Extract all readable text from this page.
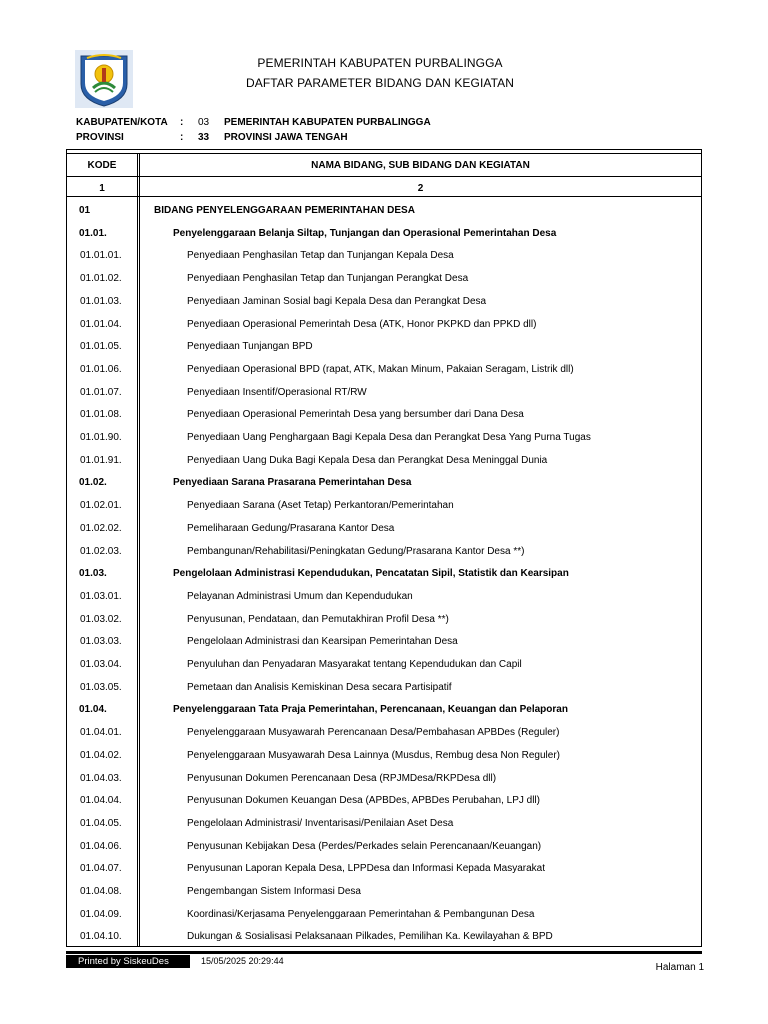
PEMERINTAH KABUPATEN PURBALINGGA
DAFTAR PARAMETER BIDANG DAN KEGIATAN
KABUPATEN/KOTA	:	03	PEMERINTAH KABUPATEN PURBALINGGA
PROVINSI	:	33	PROVINSI JAWA TENGAH
KODE	NAMA BIDANG, SUB BIDANG DAN KEGIATAN
1	2
01	BIDANG PENYELENGGARAAN PEMERINTAHAN DESA
01.01.	Penyelenggaraan Belanja Siltap, Tunjangan dan Operasional Pemerintahan Desa
01.01.01.	Penyediaan Penghasilan Tetap dan Tunjangan Kepala Desa
01.01.02.	Penyediaan Penghasilan Tetap dan Tunjangan Perangkat Desa
01.01.03.	Penyediaan Jaminan Sosial bagi Kepala Desa dan Perangkat Desa
01.01.04.	Penyediaan Operasional Pemerintah Desa (ATK, Honor PKPKD dan PPKD dll)
01.01.05.	Penyediaan Tunjangan BPD
01.01.06.	Penyediaan Operasional BPD (rapat, ATK, Makan Minum, Pakaian Seragam, Listrik dll)
01.01.07.	Penyediaan Insentif/Operasional RT/RW
01.01.08.	Penyediaan Operasional Pemerintah Desa yang bersumber dari Dana Desa
01.01.90.	Penyediaan Uang Penghargaan Bagi Kepala Desa dan Perangkat Desa Yang Purna Tugas
01.01.91.	Penyediaan Uang Duka Bagi Kepala Desa dan Perangkat Desa Meninggal Dunia
01.02.	Penyediaan Sarana Prasarana Pemerintahan Desa
01.02.01.	Penyediaan Sarana (Aset Tetap) Perkantoran/Pemerintahan
01.02.02.	Pemeliharaan Gedung/Prasarana Kantor Desa
01.02.03.	Pembangunan/Rehabilitasi/Peningkatan Gedung/Prasarana Kantor Desa **)
01.03.	Pengelolaan Administrasi Kependudukan, Pencatatan Sipil, Statistik dan Kearsipan
01.03.01.	Pelayanan Administrasi Umum dan Kependudukan
01.03.02.	Penyusunan, Pendataan, dan Pemutakhiran Profil Desa **)
01.03.03.	Pengelolaan Administrasi dan Kearsipan Pemerintahan Desa
01.03.04.	Penyuluhan dan Penyadaran Masyarakat tentang Kependudukan dan Capil
01.03.05.	Pemetaan dan Analisis Kemiskinan Desa secara Partisipatif
01.04.	Penyelenggaraan Tata Praja Pemerintahan, Perencanaan, Keuangan dan Pelaporan
01.04.01.	Penyelenggaraan Musyawarah Perencanaan Desa/Pembahasan APBDes (Reguler)
01.04.02.	Penyelenggaraan Musyawarah Desa Lainnya (Musdus, Rembug desa Non Reguler)
01.04.03.	Penyusunan Dokumen Perencanaan Desa (RPJMDesa/RKPDesa dll)
01.04.04.	Penyusunan Dokumen Keuangan Desa (APBDes, APBDes Perubahan, LPJ dll)
01.04.05.	Pengelolaan Administrasi/ Inventarisasi/Penilaian Aset Desa
01.04.06.	Penyusunan Kebijakan Desa (Perdes/Perkades selain Perencanaan/Keuangan)
01.04.07.	Penyusunan Laporan Kepala Desa, LPPDesa dan Informasi Kepada Masyarakat
01.04.08.	Pengembangan Sistem Informasi Desa
01.04.09.	Koordinasi/Kerjasama Penyelenggaraan Pemerintahan & Pembangunan Desa
01.04.10.	Dukungan & Sosialisasi Pelaksanaan Pilkades, Pemilihan Ka. Kewilayahan & BPD
Printed by SiskeuDes	15/05/2025 20:29:44
Halaman 1
